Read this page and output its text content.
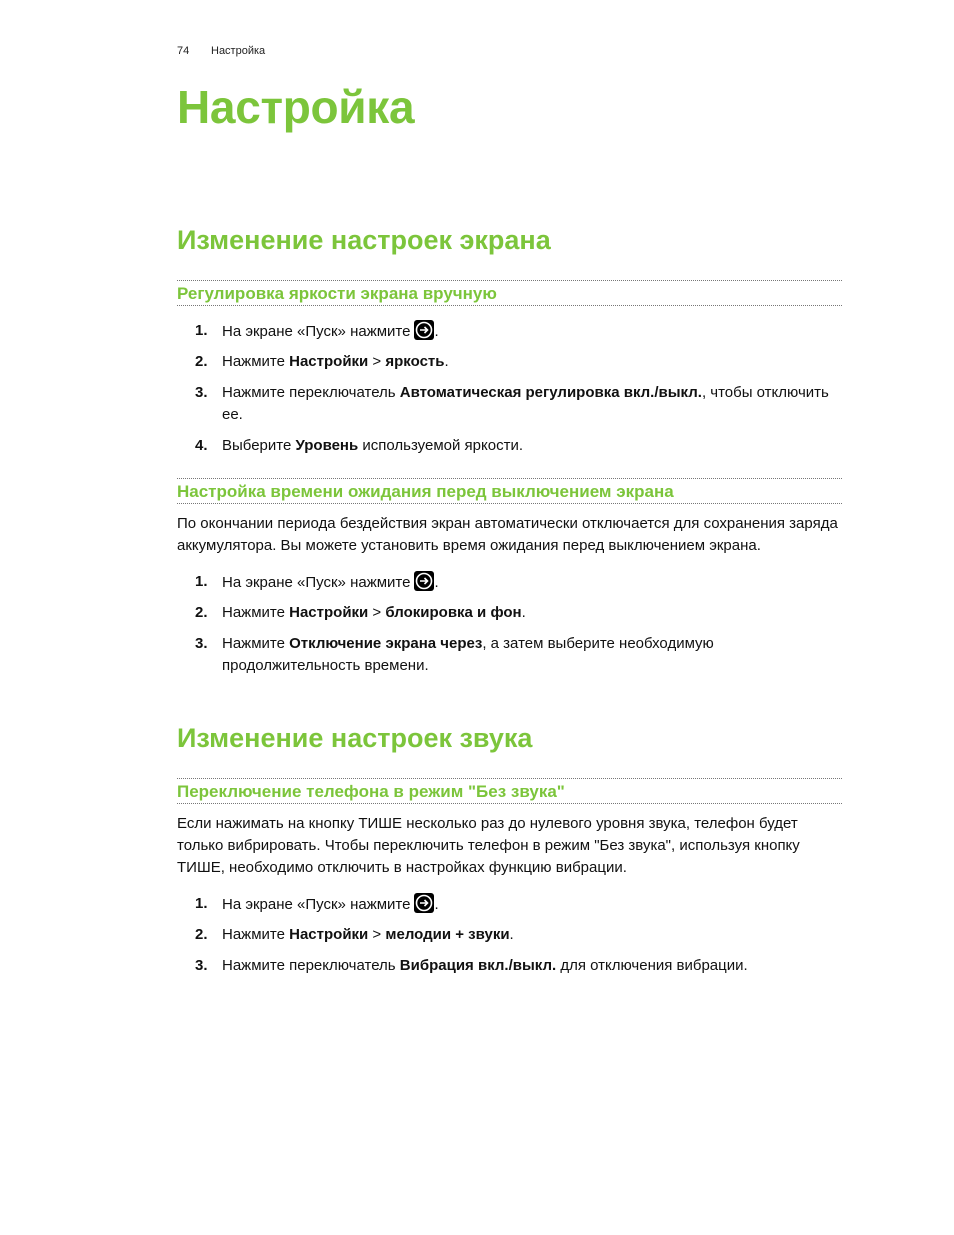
74 Настройка
Настройка
Изменение настроек экрана
Регулировка яркости экрана вручную
1. На экране «Пуск» нажмите .
2. Нажмите Настройки > яркость.
3. Нажмите переключатель Автоматическая регулировка вкл./выкл., чтобы отключить ее.
4. Выберите Уровень используемой яркости.
Настройка времени ожидания перед выключением экрана

По окончании периода бездействия экран автоматически отключается для сохранения заряда аккумулятора. Вы можете установить время ожидания перед выключением экрана.

1. На экране «Пуск» нажмите .
2. Нажмите Настройки > блокировка и фон.
3. Нажмите Отключение экрана через, а затем выберите необходимую продолжительность времени.
Изменение настроек звука
Переключение телефона в режим "Без звука"

Если нажимать на кнопку ТИШЕ несколько раз до нулевого уровня звука, телефон будет только вибрировать. Чтобы переключить телефон в режим "Без звука", используя кнопку ТИШЕ, необходимо отключить в настройках функцию вибрации.

1. На экране «Пуск» нажмите .
2. Нажмите Настройки > мелодии + звуки.
3. Нажмите переключатель Вибрация вкл./выкл. для отключения вибрации.
